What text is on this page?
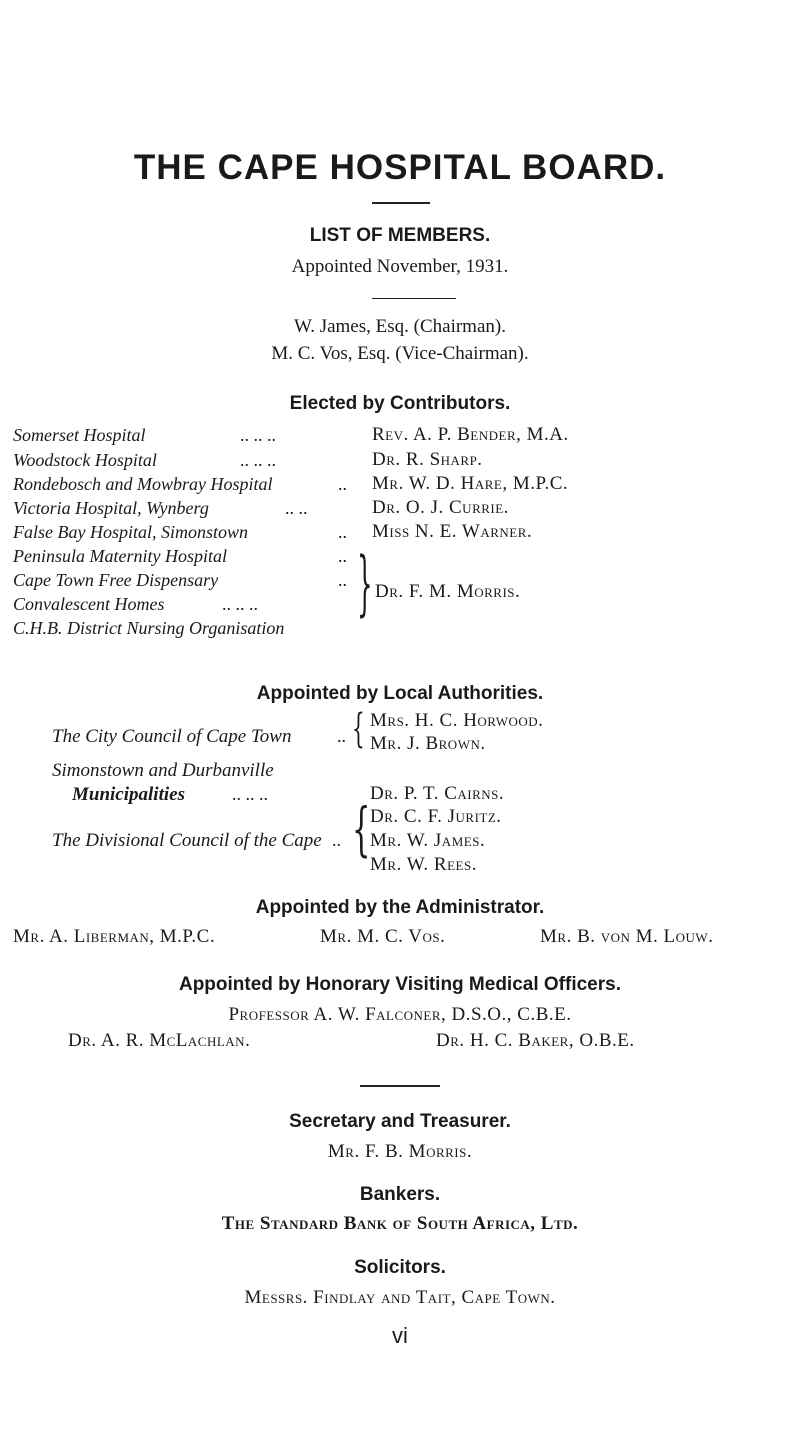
THE CAPE HOSPITAL BOARD.
LIST OF MEMBERS.
Appointed November, 1931.
W. James, Esq. (Chairman).
M. C. Vos, Esq. (Vice-Chairman).
Elected by Contributors.
Somerset Hospital	.. .. ..	Rev. A. P. Bender, M.A.
Woodstock Hospital	.. .. ..	Dr. R. Sharp.
Rondebosch and Mowbray Hospital	.. Mr. W. D. Hare, M.P.C.
Victoria Hospital, Wynberg	.. ..	Dr. O. J. Currie.
False Bay Hospital, Simonstown	.. Miss N. E. Warner.
Peninsula Maternity Hospital	..
Cape Town Free Dispensary	..
Convalescent Homes	.. .. ..
C.H.B. District Nursing Organisation
} Dr. F. M. Morris.
Appointed by Local Authorities.
The City Council of Cape Town	.. { Mrs. H. C. Horwood.
Mr. J. Brown.
Simonstown and Durbanville
Municipalities	.. .. ..	Dr. P. T. Cairns.
The Divisional Council of the Cape .. { Dr. C. F. Juritz.
Mr. W. James.
Mr. W. Rees.
Appointed by the Administrator.
Mr. A. Liberman, M.P.C.	Mr. M. C. Vos.	Mr. B. von M. Louw.
Appointed by Honorary Visiting Medical Officers.
Professor A. W. Falconer, D.S.O., C.B.E.
Dr. A. R. McLachlan.	Dr. H. C. Baker, O.B.E.
Secretary and Treasurer.
Mr. F. B. Morris.
Bankers.
The Standard Bank of South Africa, Ltd.
Solicitors.
Messrs. Findlay and Tait, Cape Town.
vi
